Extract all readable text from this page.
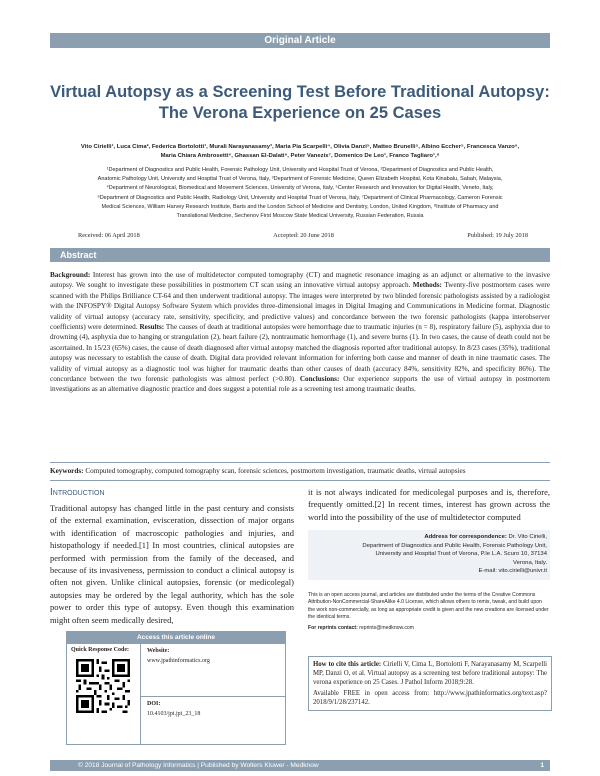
Original Article
Virtual Autopsy as a Screening Test Before Traditional Autopsy:
The Verona Experience on 25 Cases
Vito Cirielli¹, Luca Cima², Federica Bortolotti¹, Murali Narayanasamy³, Maria Pia Scarpelli⁴, Olivia Danzi⁵, Matteo Brunelli⁵, Albino Eccher⁵, Francesca Vanzo⁶,
Maria Chiara Ambrosetti⁶, Ghassan El-Dalati⁶, Peter Vanezis⁷, Domenico De Leo¹, Franco Tagliaro¹,⁸
¹Department of Diagnostics and Public Health, Forensic Pathology Unit, University and Hospital Trust of Verona, ²Department of Diagnostics and Public Health,
Anatomic Pathology Unit, University and Hospital Trust of Verona, Italy, ³Department of Forensic Medicine, Queen Elizabeth Hospital, Kota Kinabalu, Sabah, Malaysia,
⁴Department of Neurological, Biomedical and Movement Sciences, University of Verona, Italy, ⁵Center Research and Innovation for Digital Health, Veneto, Italy,
⁶Department of Diagnostics and Public Health, Radiology Unit, University and Hospital Trust of Verona, Italy, ⁷Department of Clinical Pharmacology, Cameron Forensic
Medical Sciences, William Harvey Research Institute, Barts and the London School of Medicine and Dentistry, London, United Kingdom, ⁸Institute of Pharmacy and
Translational Medicine, Sechenov First Moscow State Medical University, Russian Federation, Russia
Received: 06 April 2018	Accepted: 20 June 2018	Published: 19 July 2018
Abstract
Background: Interest has grown into the use of multidetector computed tomography (CT) and magnetic resonance imaging as an adjunct or alternative to the invasive autopsy. We sought to investigate these possibilities in postmortem CT scan using an innovative virtual autopsy approach. Methods: Twenty-five postmortem cases were scanned with the Philips Brilliance CT-64 and then underwent traditional autopsy. The images were interpreted by two blinded forensic pathologists assisted by a radiologist with the INFOSPY® Digital Autopsy Software System which provides three-dimensional images in Digital Imaging and Communications in Medicine format. Diagnostic validity of virtual autopsy (accuracy rate, sensitivity, specificity, and predictive values) and concordance between the two forensic pathologists (kappa interobserver coefficients) were determined. Results: The causes of death at traditional autopsies were hemorrhage due to traumatic injuries (n = 8), respiratory failure (5), asphyxia due to drowning (4), asphyxia due to hanging or strangulation (2), heart failure (2), nontraumatic hemorrhage (1), and severe burns (1). In two cases, the cause of death could not be ascertained. In 15/23 (65%) cases, the cause of death diagnosed after virtual autopsy matched the diagnosis reported after traditional autopsy. In 8/23 cases (35%), traditional autopsy was necessary to establish the cause of death. Digital data provided relevant information for inferring both cause and manner of death in nine traumatic cases. The validity of virtual autopsy as a diagnostic tool was higher for traumatic deaths than other causes of death (accuracy 84%, sensitivity 82%, and specificity 86%). The concordance between the two forensic pathologists was almost perfect (>0.80). Conclusions: Our experience supports the use of virtual autopsy in postmortem investigations as an alternative diagnostic practice and does suggest a potential role as a screening test among traumatic deaths.
Keywords: Computed tomography, computed tomography scan, forensic sciences, postmortem investigation, traumatic deaths, virtual autopsies
Introduction
Traditional autopsy has changed little in the past century and consists of the external examination, evisceration, dissection of major organs with identification of macroscopic pathologies and injuries, and histopathology if needed.[1] In most countries, clinical autopsies are performed with permission from the family of the deceased, and because of its invasiveness, permission to conduct a clinical autopsy is often not given. Unlike clinical autopsies, forensic (or medicolegal) autopsies may be ordered by the legal authority, which has the sole power to order this type of autopsy. Even though this examination might often seem medically desired,
it is not always indicated for medicolegal purposes and is, therefore, frequently omitted.[2] In recent times, interest has grown across the world into the possibility of the use of multidetector computed
Address for correspondence: Dr. Vito Cirielli,
Department of Diagnostics and Public Health, Forensic Pathology Unit,
University and Hospital Trust of Verona, P.le L.A. Scuro 10, 37134
Verona, Italy.
E-mail: vito.cirielli@univr.it
This is an open access journal, and articles are distributed under the terms of the Creative Commons Attribution-NonCommercial-ShareAlike 4.0 License, which allows others to remix, tweak, and build upon the work non-commercially, as long as appropriate credit is given and the new creations are licensed under the identical terms.
For reprints contact: reprints@medknow.com
How to cite this article: Cirielli V, Cima L, Bortolotti F, Narayanasamy M, Scarpelli MP, Danzi O, et al. Virtual autopsy as a screening test before traditional autopsy: The verona experience on 25 Cases. J Pathol Inform 2018;9:28.
Available FREE in open access from: http://www.jpathinformatics.org/text.asp?2018/9/1/28/237142.
Access this article online
Quick Response Code:	Website:
www.jpathinformatics.org
DOI:
10.4103/jpi.jpi_23_18
© 2018 Journal of Pathology Informatics | Published by Wolters Kluwer - Medknow	1
